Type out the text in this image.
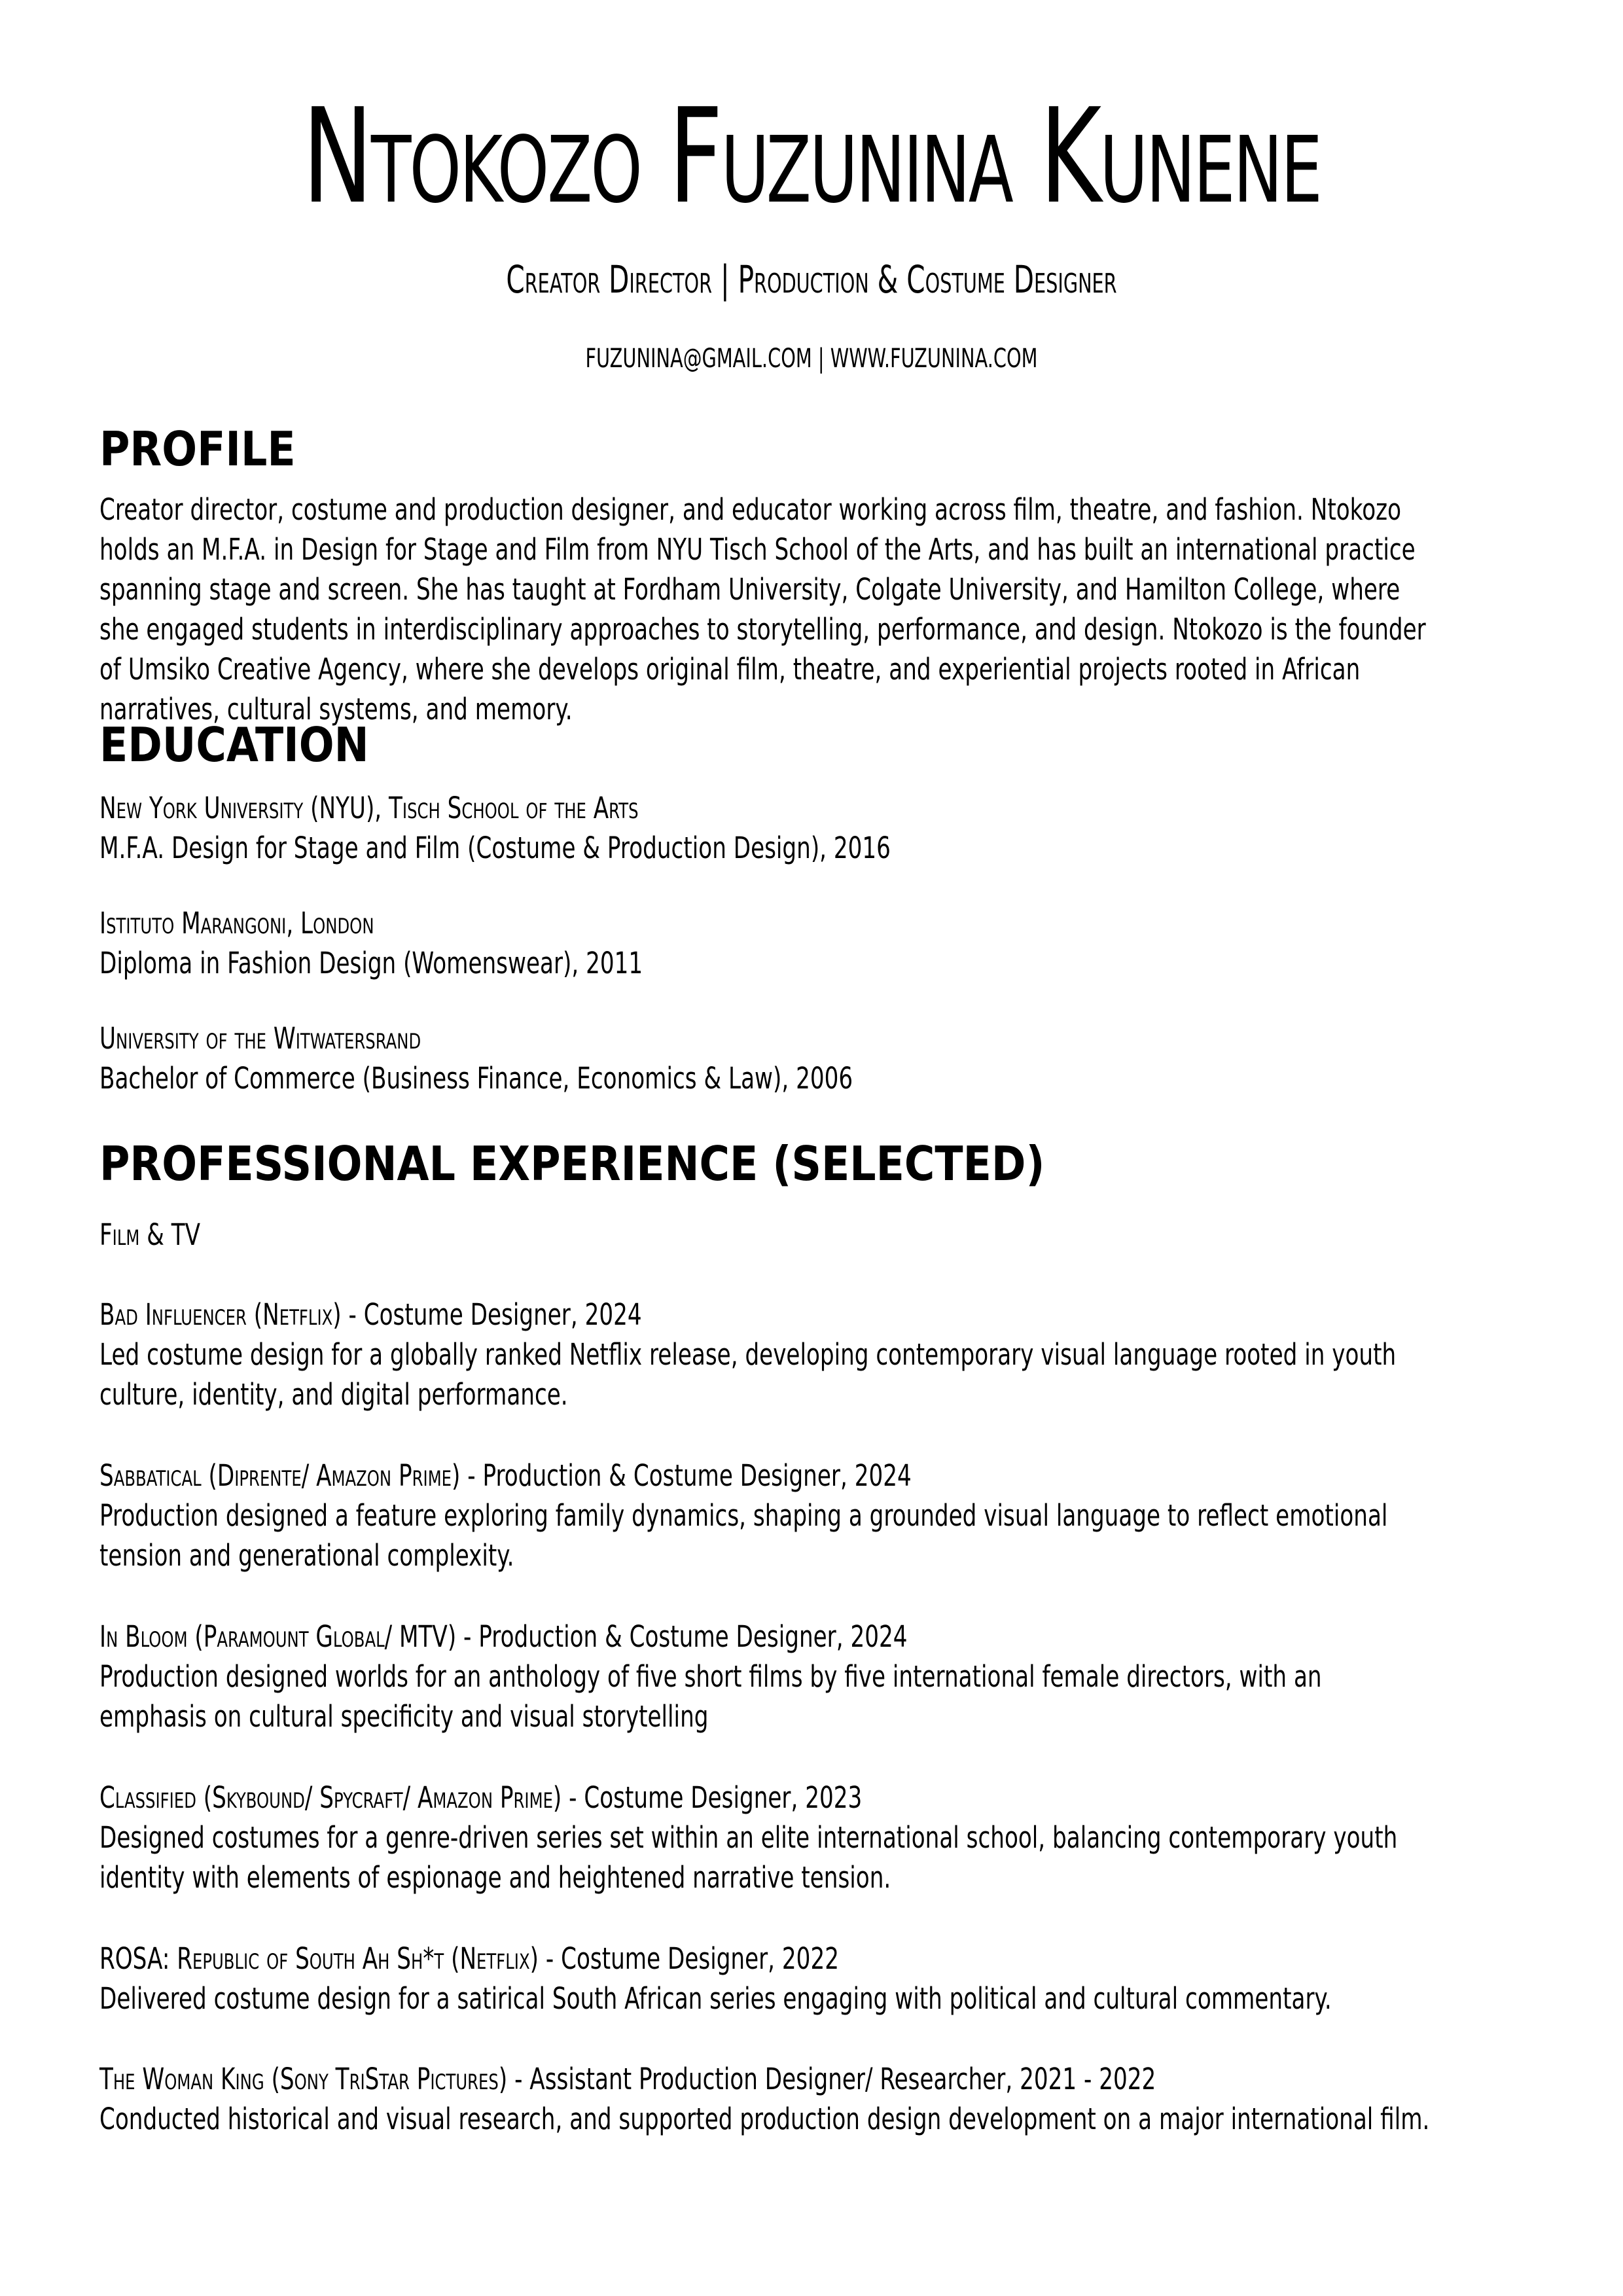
Ntokozo Fuzunina Kunene
Creator Director | Production & Costume Designer
FUZUNINA@GMAIL.COM | WWW.FUZUNINA.COM
PROFILE
Creator director, costume and production designer, and educator working across film, theatre, and fashion. Ntokozo holds an M.F.A. in Design for Stage and Film from NYU Tisch School of the Arts, and has built an international practice spanning stage and screen. She has taught at Fordham University, Colgate University, and Hamilton College, where she engaged students in interdisciplinary approaches to storytelling, performance, and design. Ntokozo is the founder of Umsiko Creative Agency, where she develops original film, theatre, and experiential projects rooted in African narratives, cultural systems, and memory.
EDUCATION
New York University (NYU), Tisch School of the Arts
M.F.A. Design for Stage and Film (Costume & Production Design), 2016
Istituto Marangoni, London
Diploma in Fashion Design (Womenswear), 2011
University of the Witwatersrand
Bachelor of Commerce (Business Finance, Economics & Law), 2006
PROFESSIONAL EXPERIENCE (SELECTED)
Film & TV
Bad Influencer (Netflix) - Costume Designer, 2024
Led costume design for a globally ranked Netflix release, developing contemporary visual language rooted in youth culture, identity, and digital performance.
Sabbatical (Diprente/ Amazon Prime) - Production & Costume Designer, 2024
Production designed a feature exploring family dynamics, shaping a grounded visual language to reflect emotional tension and generational complexity.
In Bloom (Paramount Global/ MTV) - Production & Costume Designer, 2024
Production designed worlds for an anthology of five short films by five international female directors, with an emphasis on cultural specificity and visual storytelling
Classified (Skybound/ Spycraft/ Amazon Prime) - Costume Designer, 2023
Designed costumes for a genre-driven series set within an elite international school, balancing contemporary youth identity with elements of espionage and heightened narrative tension.
ROSA: Republic of South Ah Sh*t (Netflix) - Costume Designer, 2022
Delivered costume design for a satirical South African series engaging with political and cultural commentary.
The Woman King (Sony TriStar Pictures) - Assistant Production Designer/ Researcher, 2021 - 2022
Conducted historical and visual research, and supported production design development on a major international film.
